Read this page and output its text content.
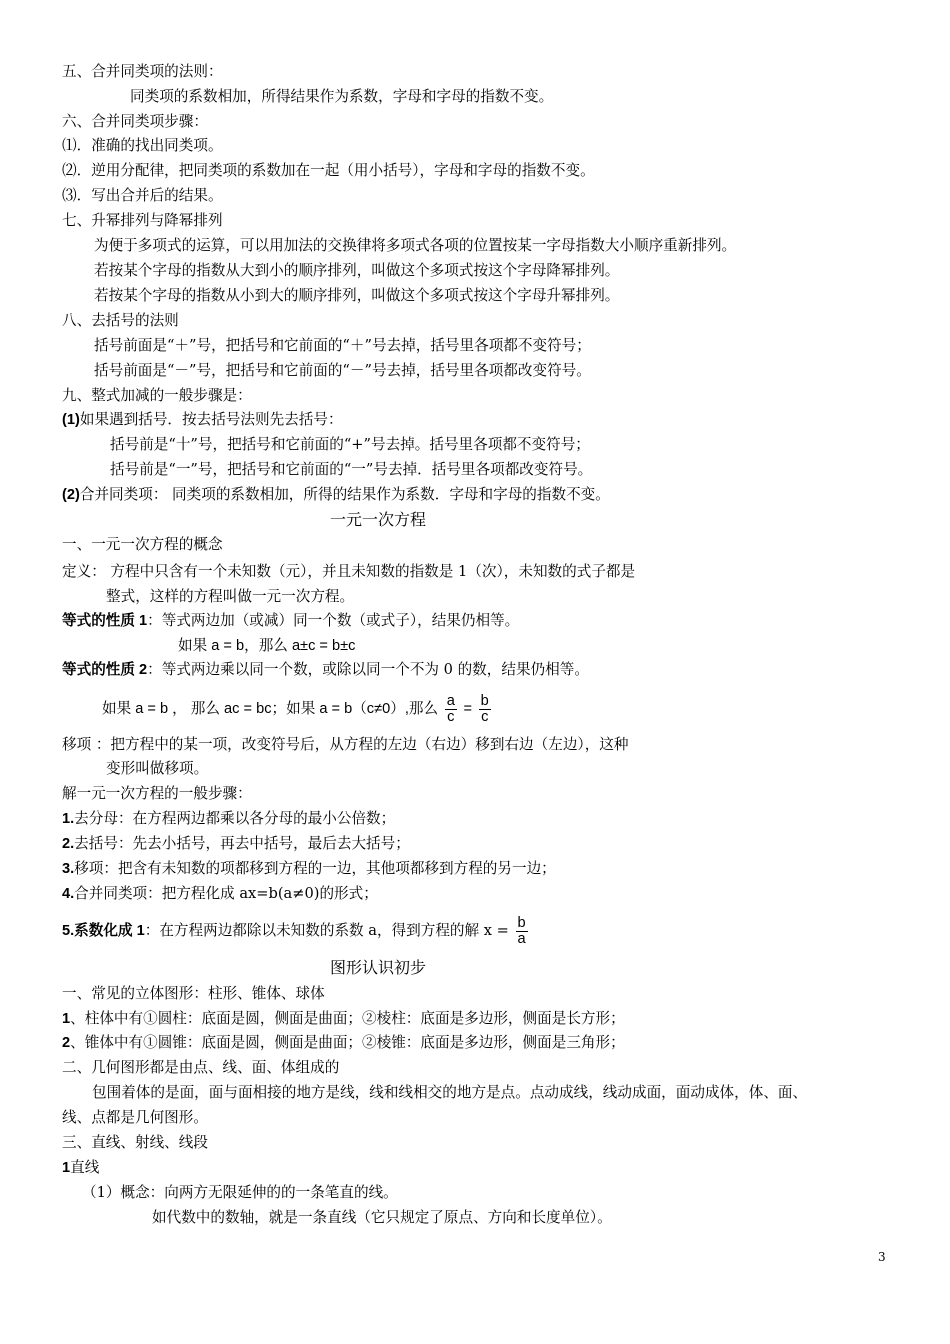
五、合并同类项的法则：
同类项的系数相加，所得结果作为系数，字母和字母的指数不变。
六、合并同类项步骤：
⑴．准确的找出同类项。
⑵．逆用分配律，把同类项的系数加在一起（用小括号），字母和字母的指数不变。
⑶．写出合并后的结果。
七、升幂排列与降幂排列
为便于多项式的运算，可以用加法的交换律将多项式各项的位置按某一字母指数大小顺序重新排列。
若按某个字母的指数从大到小的顺序排列，叫做这个多项式按这个字母降幂排列。
若按某个字母的指数从小到大的顺序排列，叫做这个多项式按这个字母升幂排列。
八、去括号的法则
括号前面是“＋”号，把括号和它前面的“＋”号去掉，括号里各项都不变符号；
括号前面是“－”号，把括号和它前面的“－”号去掉，括号里各项都改变符号。
九、整式加减的一般步骤是：
(1)如果遇到括号．按去括号法则先去括号：
括号前是“十”号，把括号和它前面的“+”号去掉。括号里各项都不变符号；
括号前是“一”号，把括号和它前面的“一”号去掉．括号里各项都改变符号。
(2)合并同类项： 同类项的系数相加，所得的结果作为系数．字母和字母的指数不变。
一元一次方程
一、一元一次方程的概念
定义： 方程中只含有一个未知数（元），并且未知数的指数是 1（次），未知数的式子都是
整式，这样的方程叫做一元一次方程。
等式的性质 1：等式两边加（或减）同一个数（或式子），结果仍相等。
如果 a = b，那么 a±c = b±c
等式的性质 2：等式两边乘以同一个数，或除以同一个不为 0 的数，结果仍相等。
如果 a = b ， 那么 ac = bc；如果 a = b（c≠0）,那么 $\frac{a}{c} = \frac{b}{c}$
移项 ：把方程中的某一项，改变符号后，从方程的左边（右边）移到右边（左边），这种
变形叫做移项。
解一元一次方程的一般步骤：
1.去分母：在方程两边都乘以各分母的最小公倍数；
2.去括号：先去小括号，再去中括号，最后去大括号；
3.移项：把含有未知数的项都移到方程的一边，其他项都移到方程的另一边；
4.合并同类项：把方程化成 ax=b(a≠0)的形式；
5.系数化成 1：在方程两边都除以未知数的系数 a，得到方程的解 $x = \frac{b}{a}$
图形认识初步
一、常见的立体图形：柱形、锥体、球体
1、柱体中有①圆柱：底面是圆，侧面是曲面；②棱柱：底面是多边形，侧面是长方形；
2、锥体中有①圆锥：底面是圆，侧面是曲面；②棱锥：底面是多边形，侧面是三角形；
二、几何图形都是由点、线、面、体组成的
包围着体的是面，面与面相接的地方是线，线和线相交的地方是点。点动成线，线动成面，面动成体，体、面、
线、点都是几何图形。
三、直线、射线、线段
1直线
（1）概念：向两方无限延伸的的一条笔直的线。
如代数中的数轴，就是一条直线（它只规定了原点、方向和长度单位）。
3
